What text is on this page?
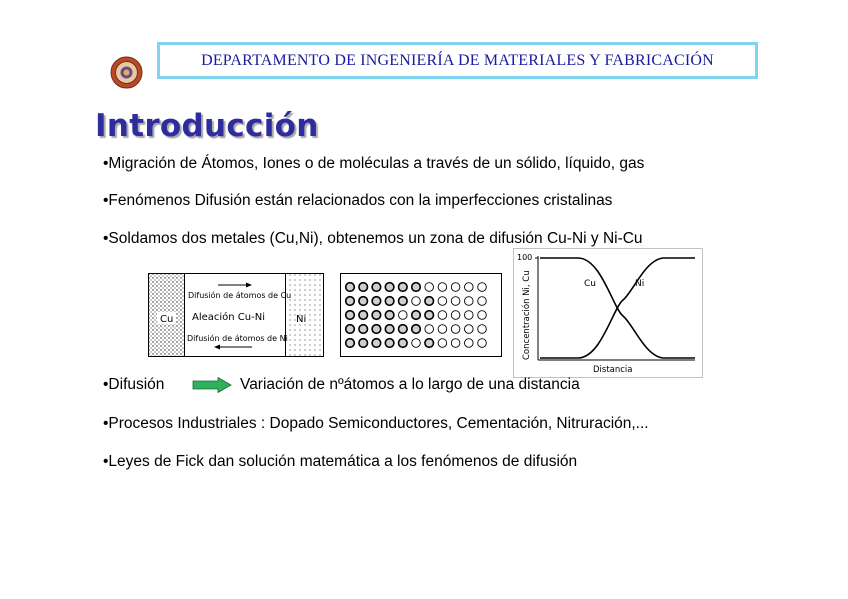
DEPARTAMENTO DE INGENIERÍA DE MATERIALES Y FABRICACIÓN
Introducción
•Migración de Átomos, Iones o de moléculas a través de un sólido, líquido, gas
•Fenómenos Difusión están relacionados con la imperfecciones cristalinas
•Soldamos dos metales (Cu,Ni), obtenemos un zona de difusión Cu-Ni y Ni-Cu
Difusión de átomos de Cu
Aleación Cu-Ni
Difusión de átomos de Ni
Cu	Ni
100
Concentración Ni, Cu
Distancia
Cu	Ni
•Difusión	Variación de nºátomos a lo largo de una distancia
•Procesos Industriales : Dopado Semiconductores, Cementación, Nitruración,...
•Leyes de Fick dan solución matemática a los fenómenos de difusión
